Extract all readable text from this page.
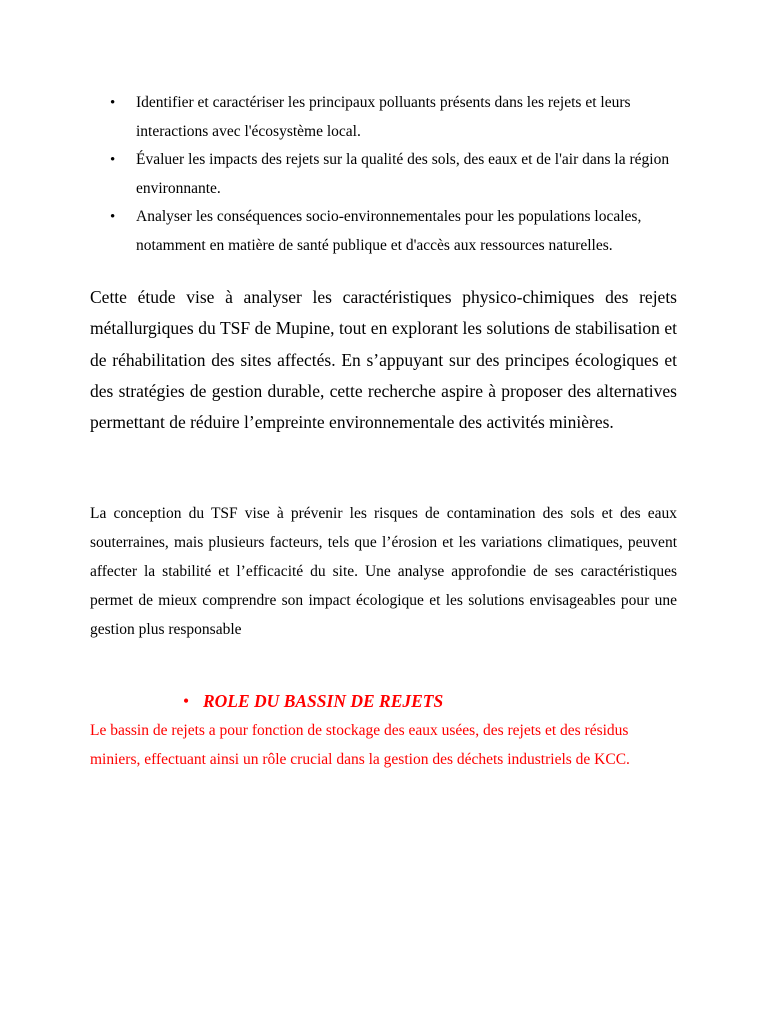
• Identifier et caractériser les principaux polluants présents dans les rejets et leurs interactions avec l'écosystème local.
• Évaluer les impacts des rejets sur la qualité des sols, des eaux et de l'air dans la région environnante.
• Analyser les conséquences socio-environnementales pour les populations locales, notamment en matière de santé publique et d'accès aux ressources naturelles.

Cette étude vise à analyser les caractéristiques physico-chimiques des rejets métallurgiques du TSF de Mupine, tout en explorant les solutions de stabilisation et de réhabilitation des sites affectés. En s’appuyant sur des principes écologiques et des stratégies de gestion durable, cette recherche aspire à proposer des alternatives permettant de réduire l’empreinte environnementale des activités minières.

La conception du TSF vise à prévenir les risques de contamination des sols et des eaux souterraines, mais plusieurs facteurs, tels que l’érosion et les variations climatiques, peuvent affecter la stabilité et l’efficacité du site. Une analyse approfondie de ses caractéristiques permet de mieux comprendre son impact écologique et les solutions envisageables pour une gestion plus responsable

• ROLE DU BASSIN DE REJETS

Le bassin de rejets a pour fonction de stockage des eaux usées, des rejets et des résidus miniers, effectuant ainsi un rôle crucial dans la gestion des déchets industriels de KCC.
